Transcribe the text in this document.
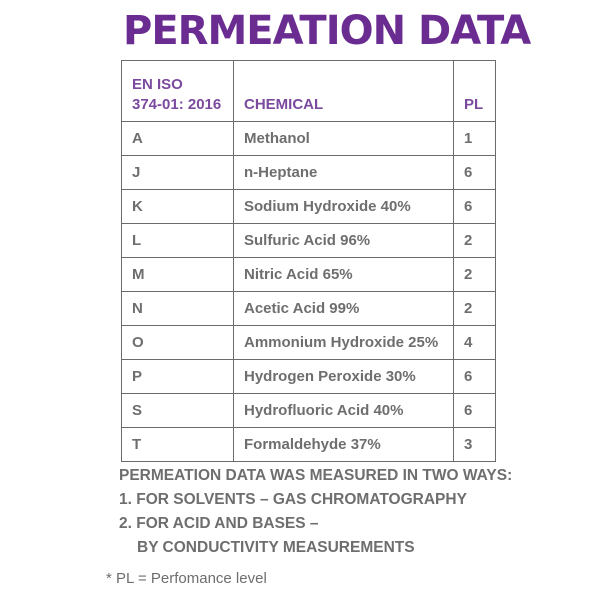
PERMEATION DATA
EN ISO
374-01: 2016	CHEMICAL	PL
A	Methanol	1
J	n-Heptane	6
K	Sodium Hydroxide 40%	6
L	Sulfuric Acid 96%	2
M	Nitric Acid 65%	2
N	Acetic Acid 99%	2
O	Ammonium Hydroxide 25%	4
P	Hydrogen Peroxide 30%	6
S	Hydrofluoric Acid 40%	6
T	Formaldehyde 37%	3
PERMEATION DATA WAS MEASURED IN TWO WAYS:
1. FOR SOLVENTS – GAS CHROMATOGRAPHY
2. FOR ACID AND BASES –
BY CONDUCTIVITY MEASUREMENTS
* PL = Perfomance level
